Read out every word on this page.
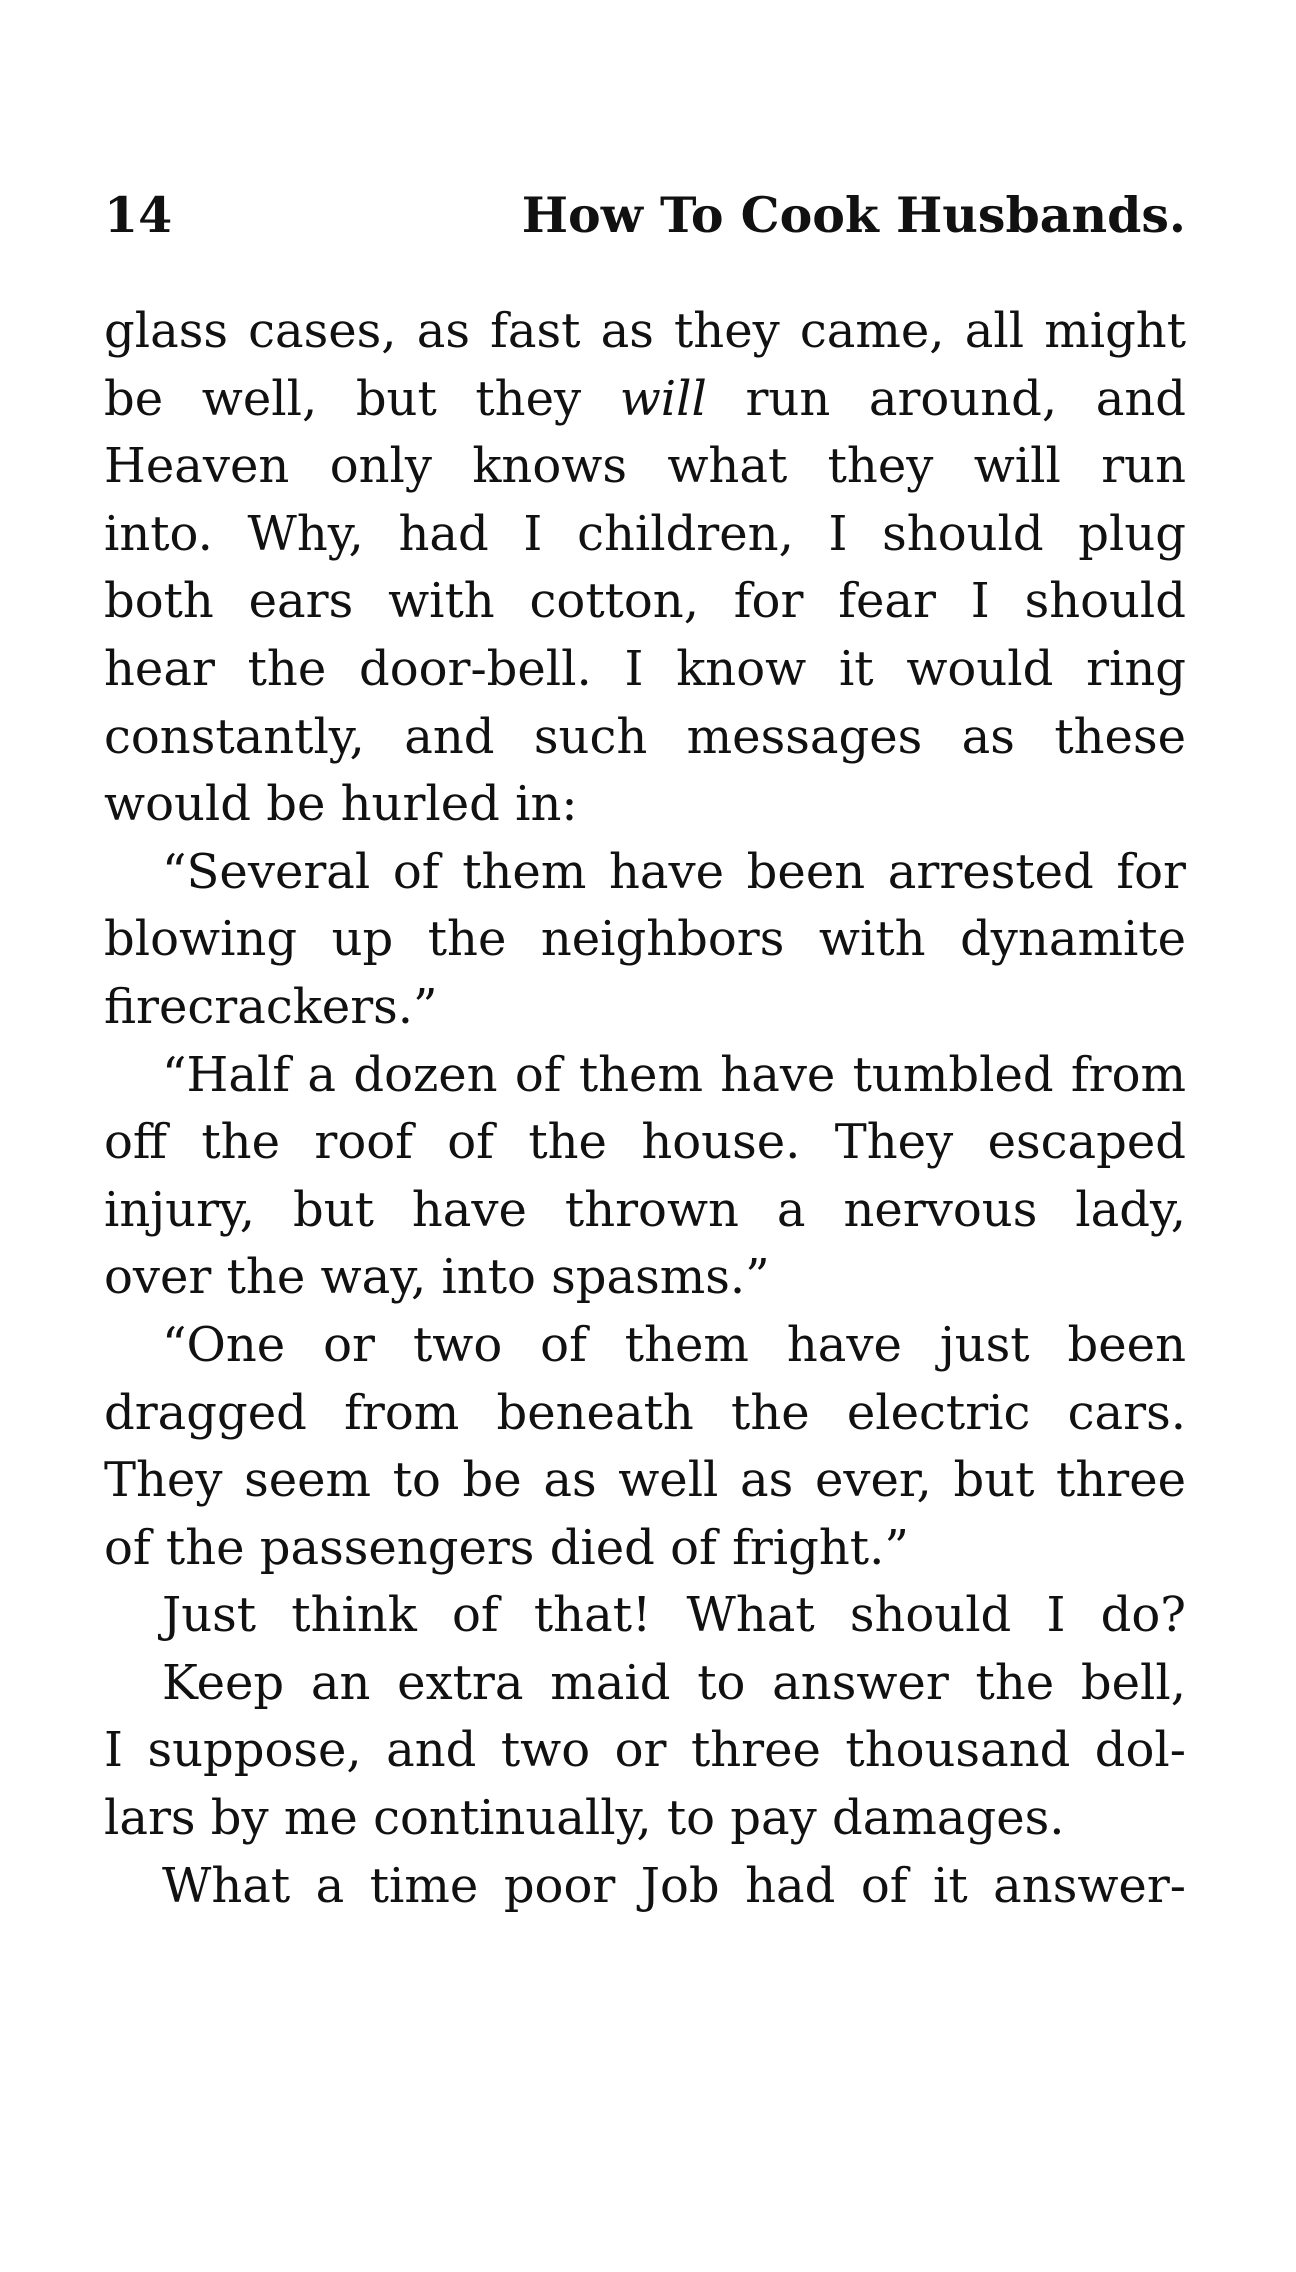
14	How To Cook Husbands.
glass cases, as fast as they came, all might
be well, but they will run around, and
Heaven only knows what they will run
into. Why, had I children, I should plug
both ears with cotton, for fear I should
hear the door-bell. I know it would ring
constantly, and such messages as these
would be hurled in:
“Several of them have been arrested for
blowing up the neighbors with dynamite
firecrackers.”
“Half a dozen of them have tumbled from
off the roof of the house. They escaped
injury, but have thrown a nervous lady,
over the way, into spasms.”
“One or two of them have just been
dragged from beneath the electric cars.
They seem to be as well as ever, but three
of the passengers died of fright.”
Just think of that! What should I do?
Keep an extra maid to answer the bell,
I suppose, and two or three thousand dol-
lars by me continually, to pay damages.
What a time poor Job had of it answer-
